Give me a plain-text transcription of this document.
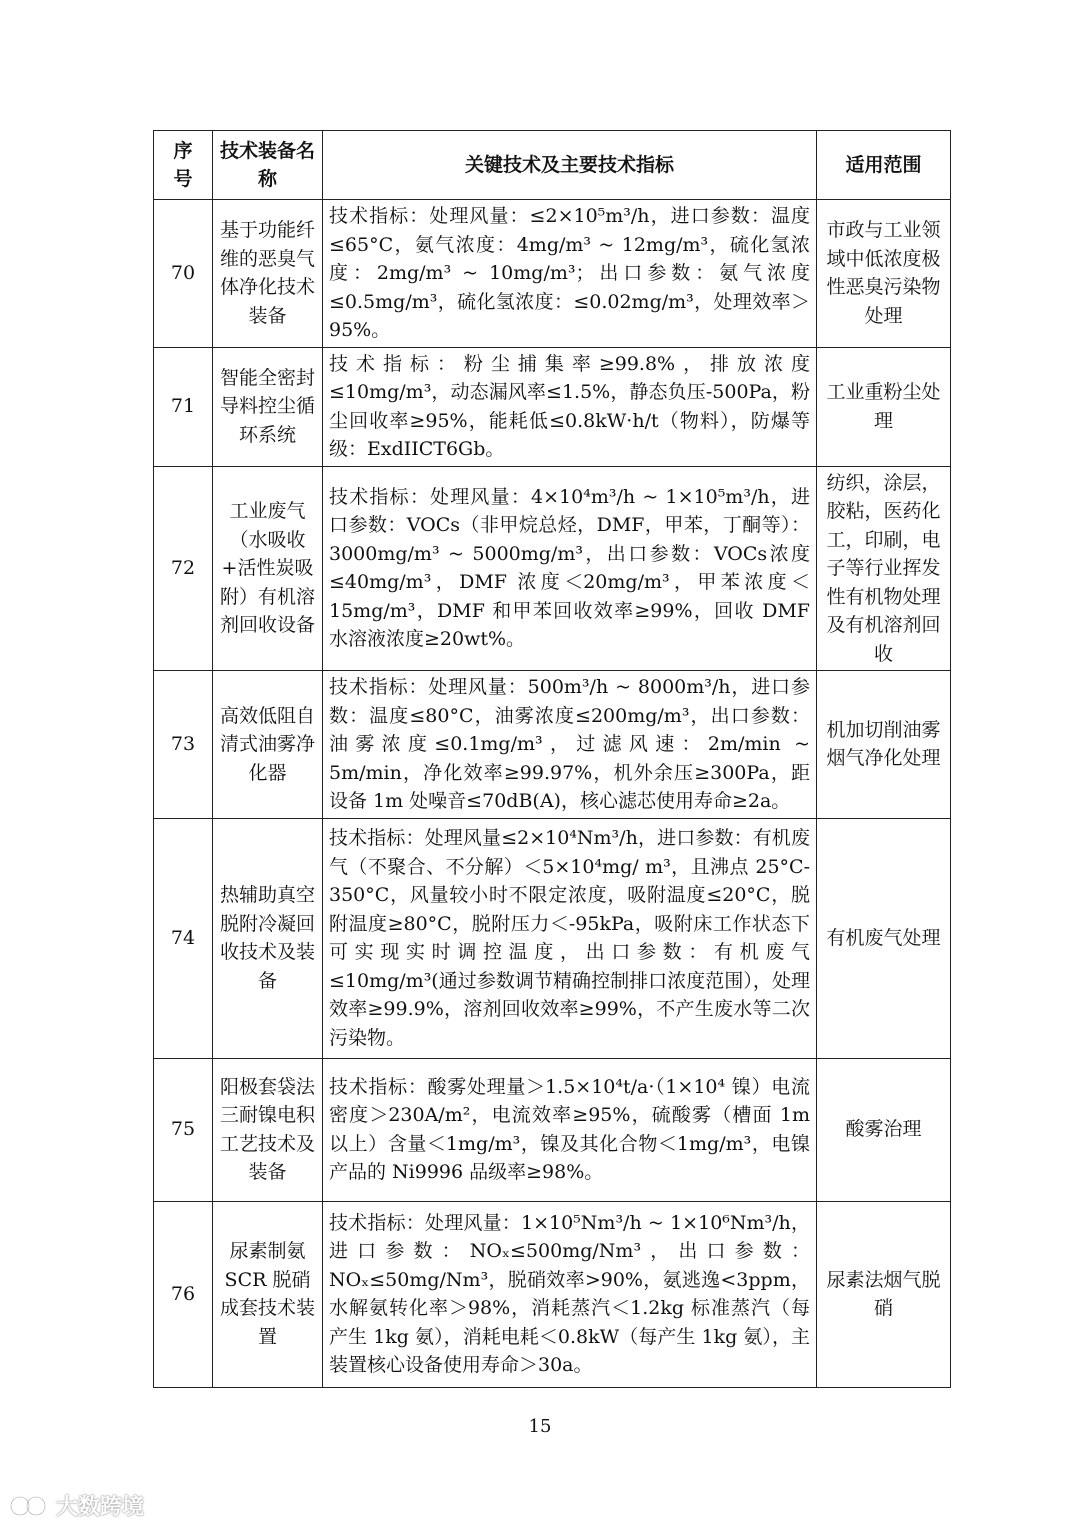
序号	技术装备名称	关键技术及主要技术指标	适用范围
70	基于功能纤维的恶臭气体净化技术装备	技术指标：处理风量：≤2×10⁵m³/h，进口参数：温度≤65°C，氨气浓度：4mg/m³ ~ 12mg/m³，硫化氢浓度：2mg/m³ ~ 10mg/m³；出口参数：氨气浓度≤0.5mg/m³，硫化氢浓度：≤0.02mg/m³，处理效率＞95%。	市政与工业领域中低浓度极性恶臭污染物处理
71	智能全密封导料控尘循环系统	技术指标：粉尘捕集率≥99.8%，排放浓度≤10mg/m³，动态漏风率≤1.5%，静态负压-500Pa，粉尘回收率≥95%，能耗低≤0.8kW·h/t（物料），防爆等级：ExdIICT6Gb。	工业重粉尘处理
72	工业废气（水吸收+活性炭吸附）有机溶剂回收设备	技术指标：处理风量：4×10⁴m³/h ~ 1×10⁵m³/h，进口参数：VOCs（非甲烷总烃，DMF，甲苯，丁酮等）：3000mg/m³ ~ 5000mg/m³，出口参数：VOCs浓度≤40mg/m³，DMF 浓度＜20mg/m³，甲苯浓度＜15mg/m³，DMF 和甲苯回收效率≥99%，回收 DMF 水溶液浓度≥20wt%。	纺织，涂层，胶粘，医药化工，印刷，电子等行业挥发性有机物处理及有机溶剂回收
73	高效低阻自清式油雾净化器	技术指标：处理风量：500m³/h ~ 8000m³/h，进口参数：温度≤80°C，油雾浓度≤200mg/m³，出口参数：油雾浓度≤0.1mg/m³，过滤风速：2m/min ~ 5m/min，净化效率≥99.97%，机外余压≥300Pa，距设备 1m 处噪音≤70dB(A)，核心滤芯使用寿命≥2a。	机加切削油雾烟气净化处理
74	热辅助真空脱附冷凝回收技术及装备	技术指标：处理风量≤2×10⁴Nm³/h，进口参数：有机废气（不聚合、不分解）＜5×10⁴mg/ m³，且沸点 25°C-350°C，风量较小时不限定浓度，吸附温度≤20°C，脱附温度≥80°C，脱附压力＜-95kPa，吸附床工作状态下可实现实时调控温度，出口参数：有机废气≤10mg/m³(通过参数调节精确控制排口浓度范围），处理效率≥99.9%，溶剂回收效率≥99%，不产生废水等二次污染物。	有机废气处理
75	阳极套袋法三耐镍电积工艺技术及装备	技术指标：酸雾处理量＞1.5×10⁴t/a·（1×10⁴ 镍）电流密度＞230A/m²，电流效率≥95%，硫酸雾（槽面 1m 以上）含量＜1mg/m³，镍及其化合物＜1mg/m³，电镍产品的 Ni9996 品级率≥98%。	酸雾治理
76	尿素制氨 SCR 脱硝成套技术装置	技术指标：处理风量：1×10⁵Nm³/h ~ 1×10⁶Nm³/h，进口参数：NOₓ≤500mg/Nm³，出口参数：NOₓ≤50mg/Nm³，脱硝效率>90%，氨逃逸<3ppm，水解氨转化率＞98%，消耗蒸汽＜1.2kg 标准蒸汽（每产生 1kg 氨），消耗电耗＜0.8kW（每产生 1kg 氨），主装置核心设备使用寿命＞30a。	尿素法烟气脱硝
15
大数跨境
